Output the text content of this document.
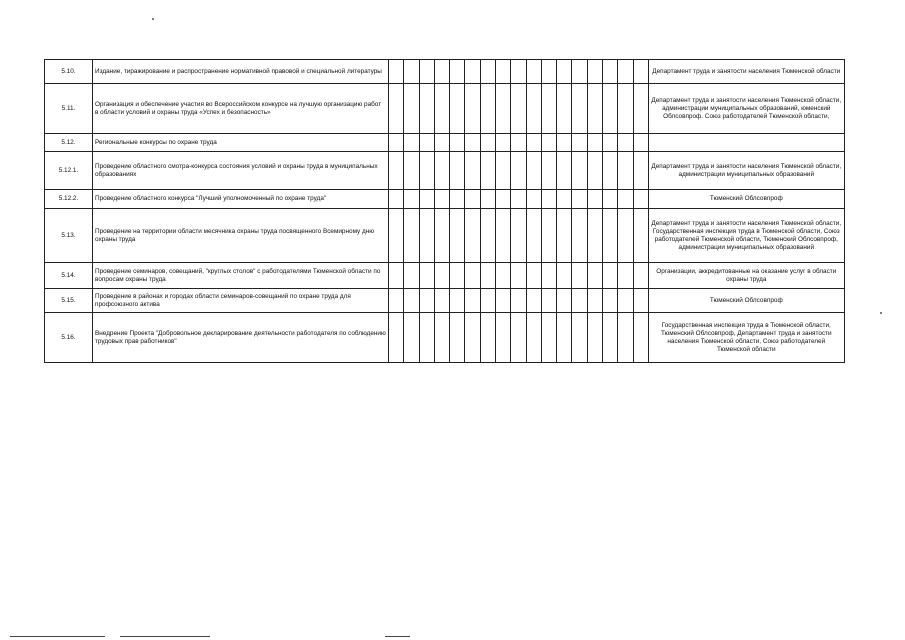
5.10.	Издание, тиражирование и распространение нормативной правовой и специальной литературы																		Департамент труда и занятости населения Тюменской области
5.11.	Организация и обеспечение участия во Всероссийском конкурсе на лучшую организацию работ в области условий и охраны труда «Успех и безопасность»																		Департамент труда и занятости населения Тюменской области, администрации муниципальных образований, юменский Облсовпроф. Союз работодателей Тюменской области,
5.12.	Региональные конкурсы по охране труда																		
5.12.1.	Проведение областного смотра-конкурса состояния условий и охраны труда в муниципальных образованиях																		Департамент труда и занятости населения Тюменской области, администрации муниципальных образований
5.12.2.	Проведение областного конкурса "Лучший уполномоченный по охране труда"																		Тюменский Облсовпроф
5.13.	Проведение на территории области месячника охраны труда посвященного Всемирному дню охраны труда																		Департамент труда и занятости населения Тюменской области, Государственная инспекция труда в Тюменской области, Союз работодателей Тюменской области, Тюменский Облсовпроф, администрации муниципальных образований
5.14.	Проведение семинаров, совещаний, "круглых столов" с работодателями Тюменской области по вопросам охраны труда																		Организации, аккредитованные на оказание услуг в области охраны труда
5.15.	Проведение в районах и городах области семинаров-совещаний по охране труда для профсоюзного актива																		Тюменский Облсовпроф
5.16.	Внедрение Проекта "Добровольное декларирование деятельности работодателя по соблюдению трудовых прав работников"																		Государственная инспекция труда в Тюменской области, Тюменский Облсовпроф, Департамент труда и занятости населения Тюменской области, Союз работодателей Тюменской области
